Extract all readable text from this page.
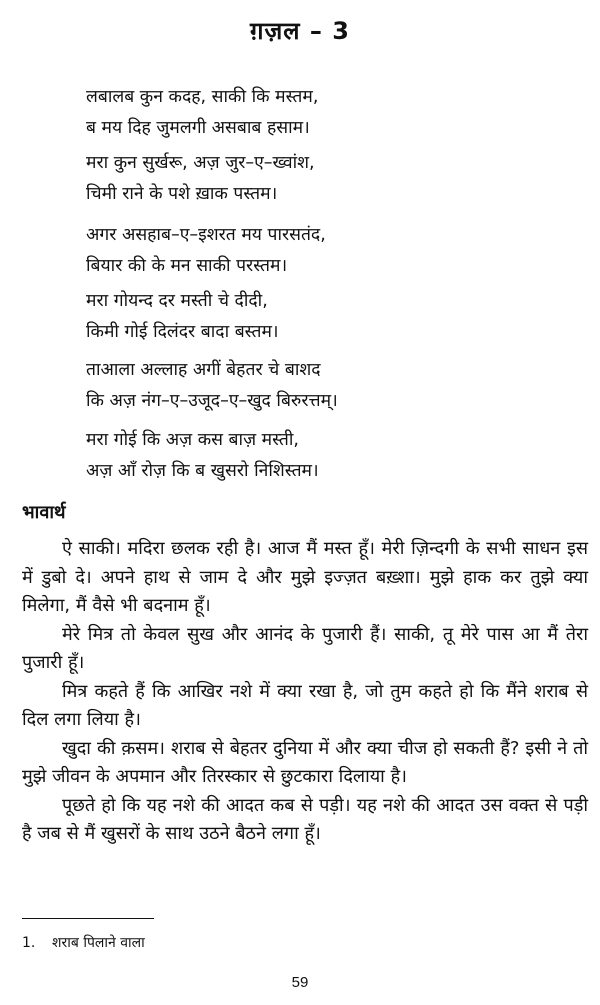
ग़ज़ल – 3
लबालब कुन कदह, साकी कि मस्तम,
ब मय दिह जुमलगी असबाब हसाम।
मरा कुन सुर्खरू, अज़ जुर–ए–ख्वांश,
चिमी राने के पशे ख़ाक पस्तम।
अगर असहाब–ए–इशरत मय पारसतंद,
बियार की के मन साकी परस्तम।
मरा गोयन्द दर मस्ती चे दीदी,
किमी गोई दिलंदर बादा बस्तम।
ताआला अल्लाह अगीं बेहतर चे बाशद
कि अज़ नंग–ए–उजूद–ए–खुद बिरुरत्तम्।
मरा गोई कि अज़ कस बाज़ मस्ती,
अज़ आँ रोज़ कि ब खुसरो निशिस्तम।
भावार्थ

ऐ साकी। मदिरा छलक रही है। आज मैं मस्त हूँ। मेरी ज़िन्दगी के सभी साधन इस में डुबो दे। अपने हाथ से जाम दे और मुझे इज्ज़त बख़्शा। मुझे हाक कर तुझे क्या मिलेगा, मैं वैसे भी बदनाम हूँ।

मेरे मित्र तो केवल सुख और आनंद के पुजारी हैं। साकी, तू मेरे पास आ मैं तेरा पुजारी हूँ।

मित्र कहते हैं कि आखिर नशे में क्या रखा है, जो तुम कहते हो कि मैंने शराब से दिल लगा लिया है।

खुदा की क़सम। शराब से बेहतर दुनिया में और क्या चीज हो सकती हैं? इसी ने तो मुझे जीवन के अपमान और तिरस्कार से छुटकारा दिलाया है।

पूछते हो कि यह नशे की आदत कब से पड़ी। यह नशे की आदत उस वक्त से पड़ी है जब से मैं खुसरों के साथ उठने बैठने लगा हूँ।

1. शराब पिलाने वाला
59
